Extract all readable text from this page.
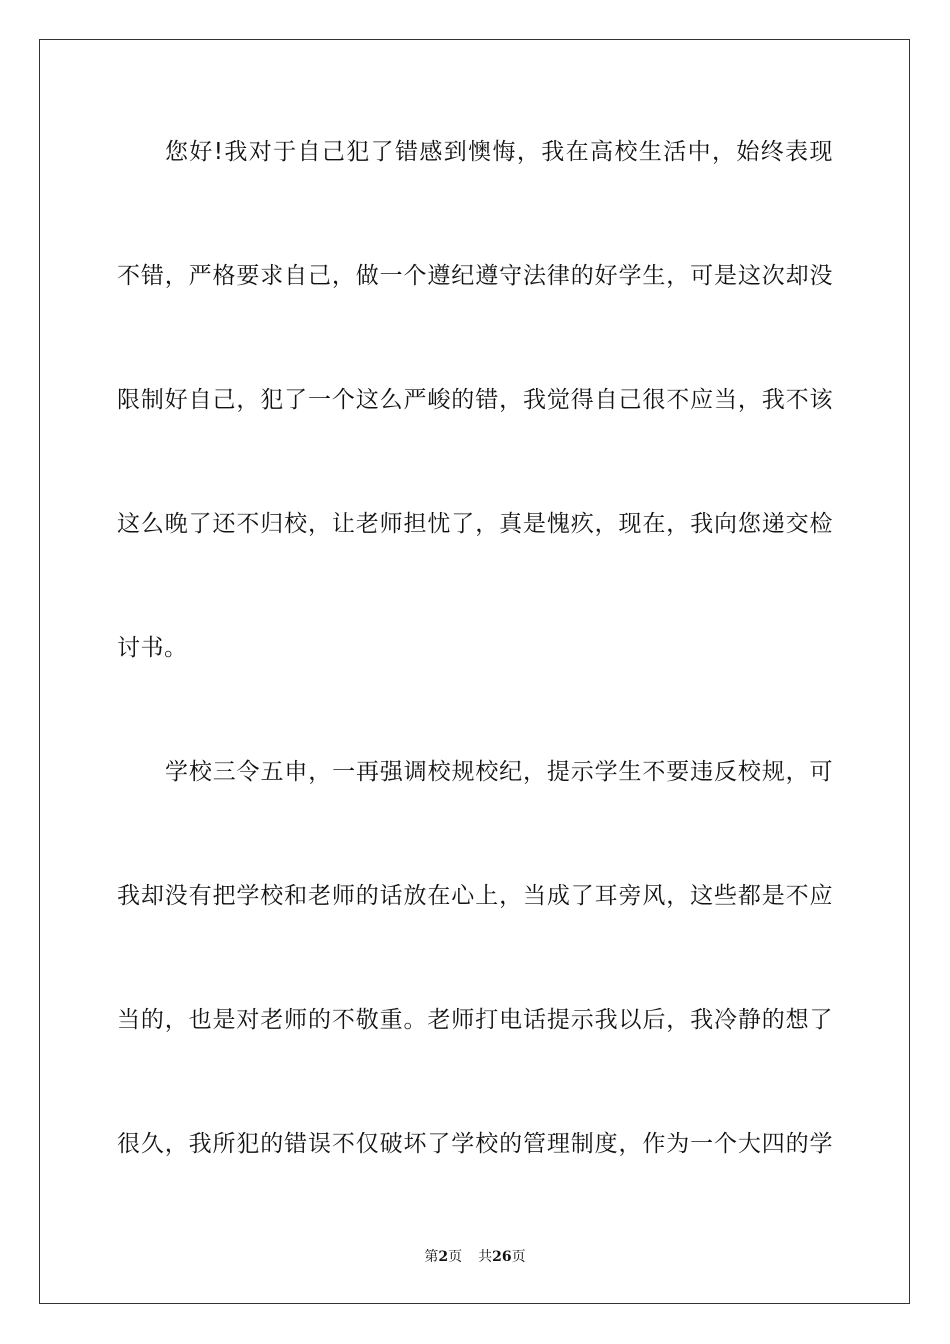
您好!我对于自己犯了错感到懊悔，我在高校生活中，始终表现
不错，严格要求自己，做一个遵纪遵守法律的好学生，可是这次却没
限制好自己，犯了一个这么严峻的错，我觉得自己很不应当，我不该
这么晚了还不归校，让老师担忧了，真是愧疚，现在，我向您递交检
讨书。
学校三令五申，一再强调校规校纪，提示学生不要违反校规，可
我却没有把学校和老师的话放在心上，当成了耳旁风，这些都是不应
当的，也是对老师的不敬重。老师打电话提示我以后，我冷静的想了
很久，我所犯的错误不仅破坏了学校的管理制度，作为一个大四的学
第2页 共26页
